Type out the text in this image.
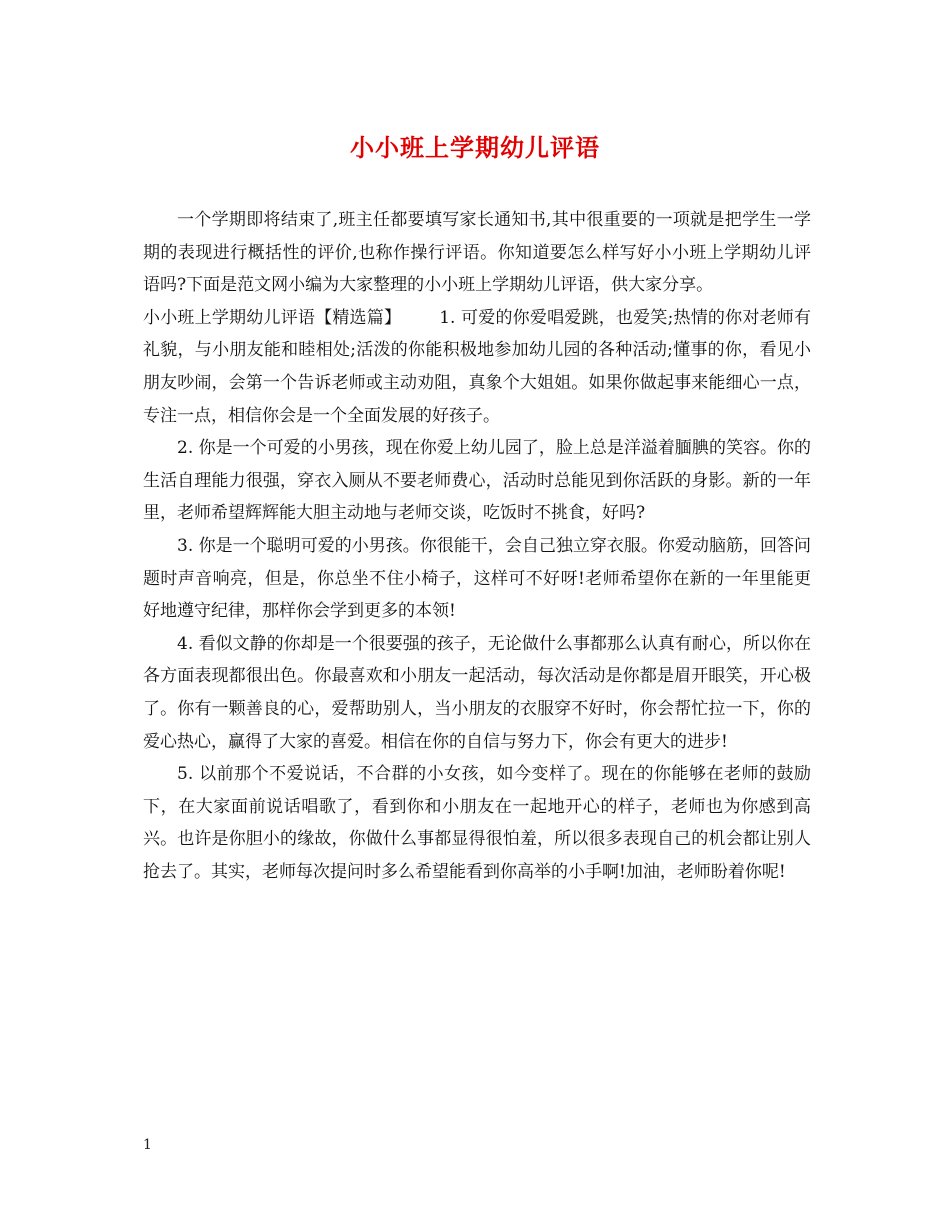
小小班上学期幼儿评语

一个学期即将结束了,班主任都要填写家长通知书,其中很重要的一项就是把学生一学期的表现进行概括性的评价,也称作操行评语。你知道要怎么样写好小小班上学期幼儿评语吗?下面是范文网小编为大家整理的小小班上学期幼儿评语，供大家分享。

小小班上学期幼儿评语【精选篇】 1. 可爱的你爱唱爱跳，也爱笑;热情的你对老师有礼貌，与小朋友能和睦相处;活泼的你能积极地参加幼儿园的各种活动;懂事的你，看见小朋友吵闹，会第一个告诉老师或主动劝阻，真象个大姐姐。如果你做起事来能细心一点，专注一点，相信你会是一个全面发展的好孩子。

2. 你是一个可爱的小男孩，现在你爱上幼儿园了，脸上总是洋溢着腼腆的笑容。你的生活自理能力很强，穿衣入厕从不要老师费心，活动时总能见到你活跃的身影。新的一年里，老师希望辉辉能大胆主动地与老师交谈，吃饭时不挑食，好吗?

3. 你是一个聪明可爱的小男孩。你很能干，会自己独立穿衣服。你爱动脑筋，回答问题时声音响亮，但是，你总坐不住小椅子，这样可不好呀!老师希望你在新的一年里能更好地遵守纪律，那样你会学到更多的本领!

4. 看似文静的你却是一个很要强的孩子，无论做什么事都那么认真有耐心，所以你在各方面表现都很出色。你最喜欢和小朋友一起活动，每次活动是你都是眉开眼笑，开心极了。你有一颗善良的心，爱帮助别人，当小朋友的衣服穿不好时，你会帮忙拉一下，你的爱心热心，赢得了大家的喜爱。相信在你的自信与努力下，你会有更大的进步!

5. 以前那个不爱说话，不合群的小女孩，如今变样了。现在的你能够在老师的鼓励下，在大家面前说话唱歌了，看到你和小朋友在一起地开心的样子，老师也为你感到高兴。也许是你胆小的缘故，你做什么事都显得很怕羞，所以很多表现自己的机会都让别人抢去了。其实，老师每次提问时多么希望能看到你高举的小手啊!加油，老师盼着你呢!

1
